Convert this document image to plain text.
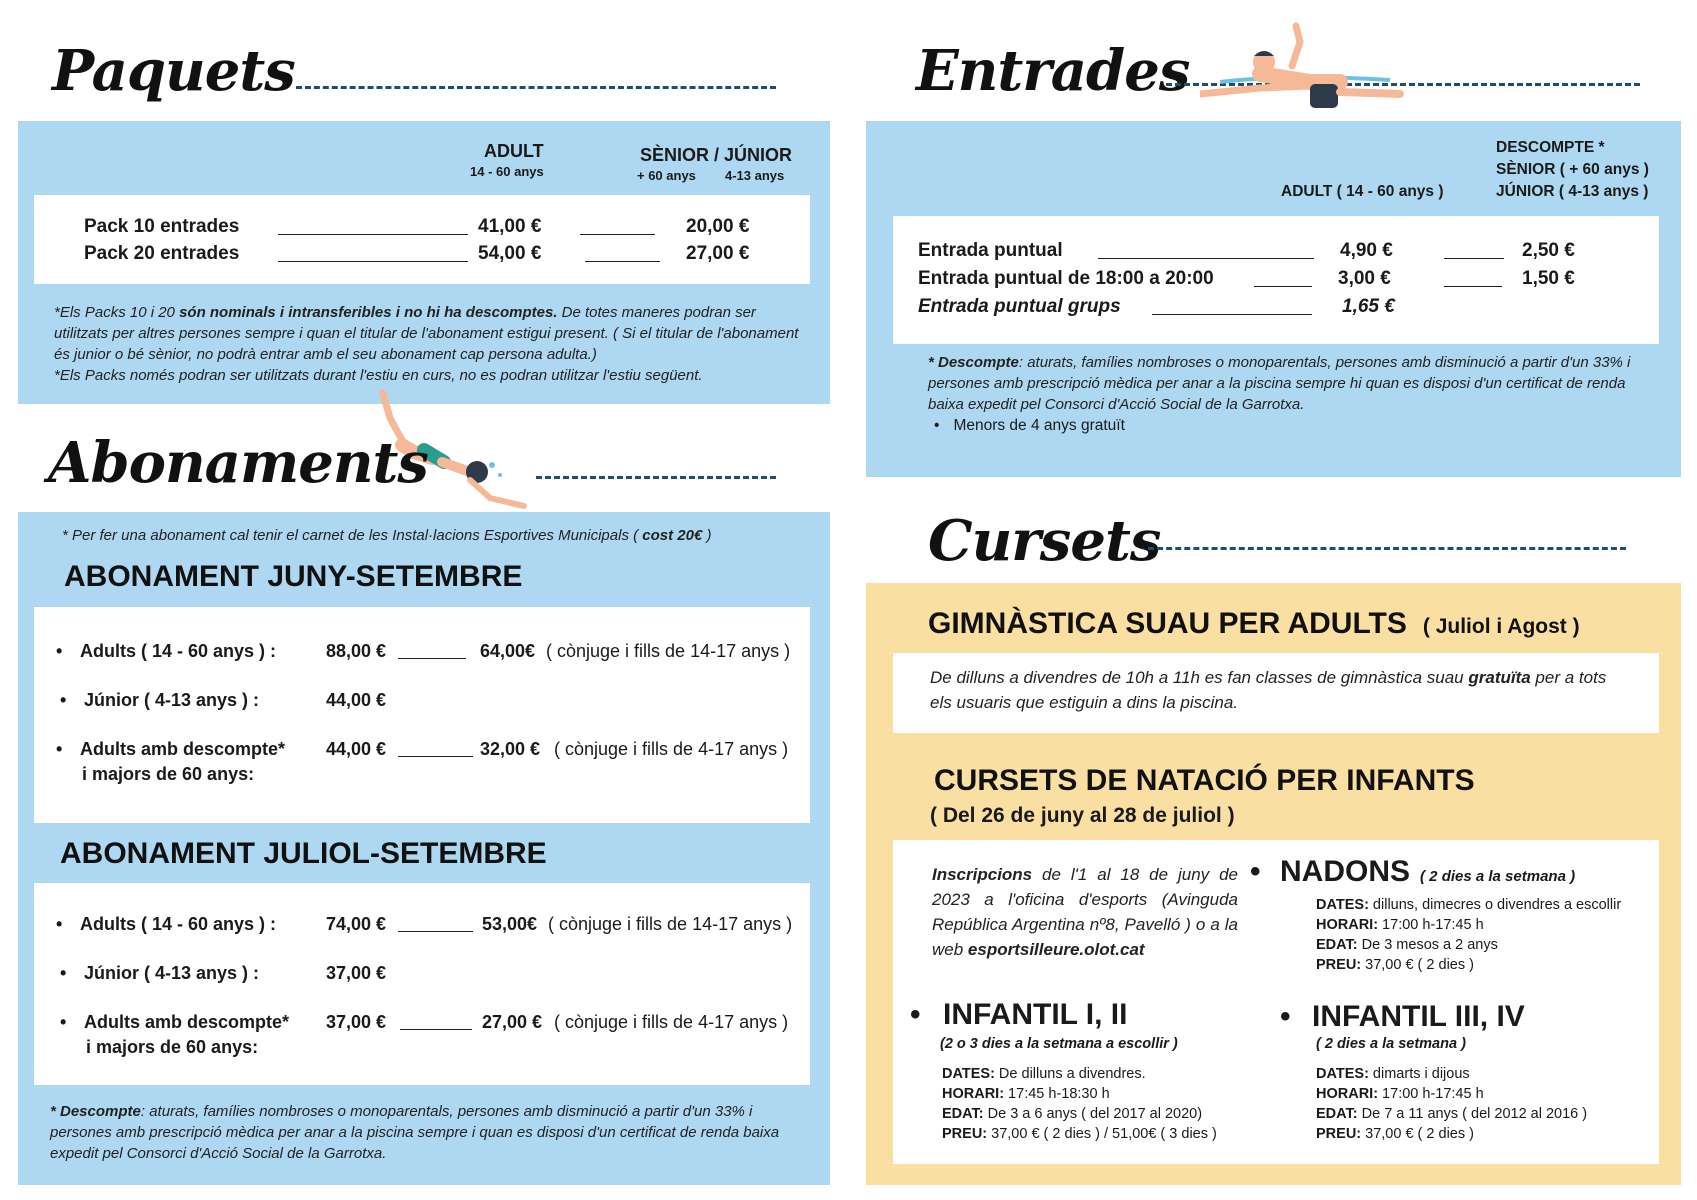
Paquets
ADULT
14 - 60 anys
SÈNIOR / JÚNIOR
+ 60 anys 4-13 anys
Pack 10 entrades	41,00 €	20,00 €
Pack 20 entrades	54,00 €	27,00 €
*Els Packs 10 i 20 són nominals i intransferibles i no hi ha descomptes. De totes maneres podran ser utilitzats per altres persones sempre i quan el titular de l'abonament estigui present. ( Si el titular de l'abonament és junior o bé sènior, no podrà entrar amb el seu abonament cap persona adulta.)
*Els Packs només podran ser utilitzats durant l'estiu en curs, no es podran utilitzar l'estiu següent.
Abonaments
* Per fer una abonament cal tenir el carnet de les Instal·lacions Esportives Municipals ( cost 20€ )
ABONAMENT JUNY-SETEMBRE
• Adults ( 14 - 60 anys ) :	88,00 €	64,00€ ( cònjuge i fills de 14-17 anys )
• Júnior ( 4-13 anys ) :	44,00 €
• Adults amb descompte*
i majors de 60 anys:
44,00 €	32,00 € ( cònjuge i fills de 4-17 anys )
ABONAMENT JULIOL-SETEMBRE
• Adults ( 14 - 60 anys ) :	74,00 €	53,00€ ( cònjuge i fills de 14-17 anys )
• Júnior ( 4-13 anys ) :	37,00 €
• Adults amb descompte*
i majors de 60 anys:
37,00 €	27,00 € ( cònjuge i fills de 4-17 anys )
* Descompte: aturats, famílies nombroses o monoparentals, persones amb disminució a partir d'un 33% i persones amb prescripció mèdica per anar a la piscina sempre i quan es disposi d'un certificat de renda baixa expedit pel Consorci d'Acció Social de la Garrotxa.
Entrades
DESCOMPTE *
SÈNIOR ( + 60 anys )
JÚNIOR ( 4-13 anys )
ADULT ( 14 - 60 anys )
Entrada puntual	4,90 €	2,50 €
Entrada puntual de 18:00 a 20:00	3,00 €	1,50 €
Entrada puntual grups	1,65 €
* Descompte: aturats, famílies nombroses o monoparentals, persones amb disminució a partir d'un 33% i persones amb prescripció mèdica per anar a la piscina sempre hi quan es disposi d'un certificat de renda baixa expedit pel Consorci d'Acció Social de la Garrotxa.
• Menors de 4 anys gratuït
Cursets
GIMNÀSTICA SUAU PER ADULTS ( Juliol i Agost )
De dilluns a divendres de 10h a 11h es fan classes de gimnàstica suau gratuïta per a tots els usuaris que estiguin a dins la piscina.
CURSETS DE NATACIÓ PER INFANTS
( Del 26 de juny al 28 de juliol )
Inscripcions de l'1 al 18 de juny de 2023 a l'oficina d'esports (Avinguda República Argentina nº8, Pavelló ) o a la web esportsilleure.olot.cat
• NADONS ( 2 dies a la setmana )
DATES: dilluns, dimecres o divendres a escollir
HORARI: 17:00 h-17:45 h
EDAT: De 3 mesos a 2 anys
PREU: 37,00 € ( 2 dies )
• INFANTIL I, II
(2 o 3 dies a la setmana a escollir )
DATES: De dilluns a divendres.
HORARI: 17:45 h-18:30 h
EDAT: De 3 a 6 anys ( del 2017 al 2020)
PREU: 37,00 € ( 2 dies ) / 51,00€ ( 3 dies )
• INFANTIL III, IV
( 2 dies a la setmana )
DATES: dimarts i dijous
HORARI: 17:00 h-17:45 h
EDAT: De 7 a 11 anys ( del 2012 al 2016 )
PREU: 37,00 € ( 2 dies )
